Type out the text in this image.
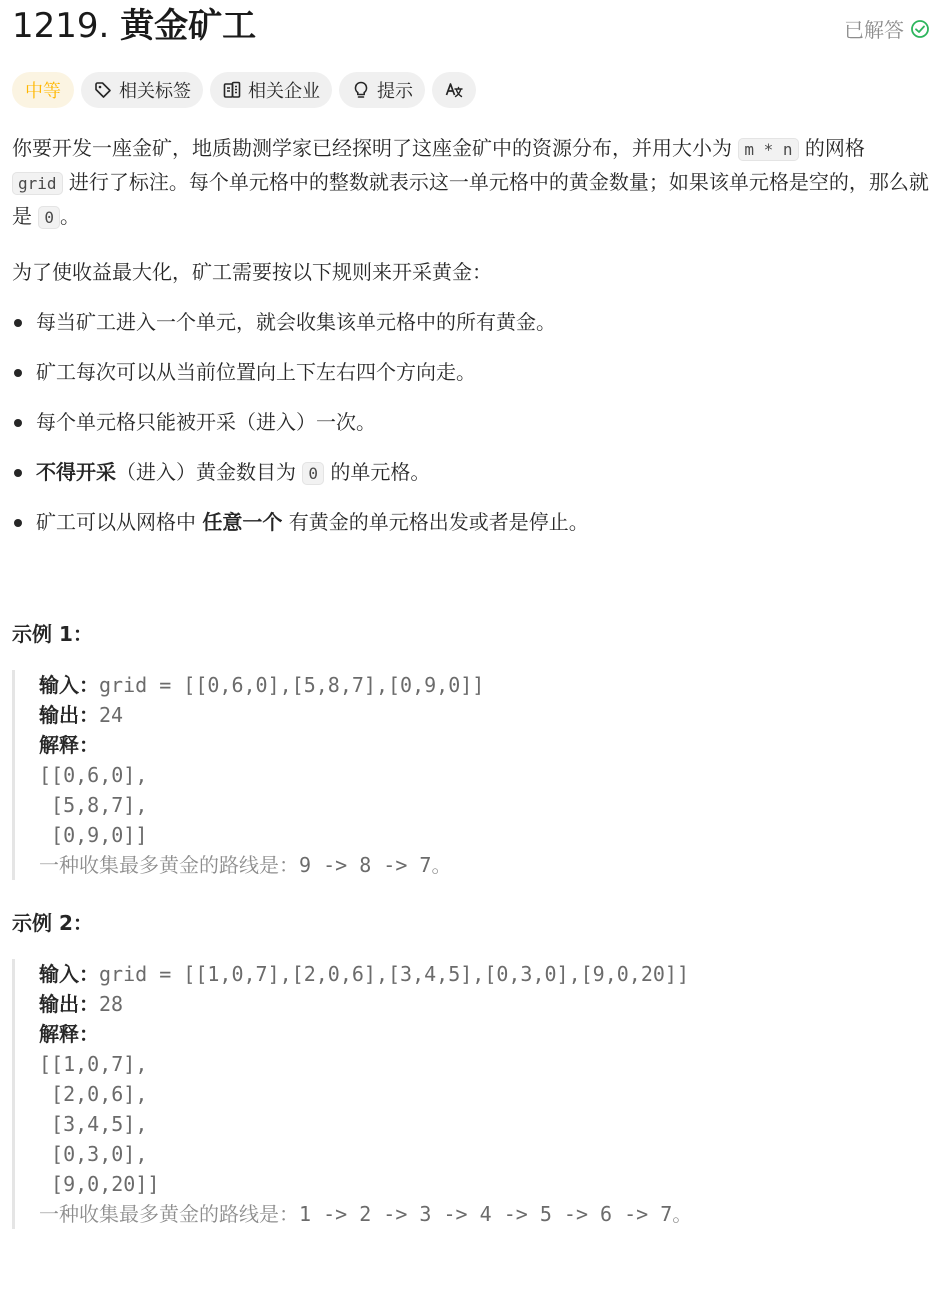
1219. 黄金矿工	已解答
中等	相关标签	相关企业	提示

你要开发一座金矿，地质勘测学家已经探明了这座金矿中的资源分布，并用大小为 m * n 的网格
grid 进行了标注。每个单元格中的整数就表示这一单元格中的黄金数量；如果该单元格是空的，那么就是 0 。

为了使收益最大化，矿工需要按以下规则来开采黄金：

每当矿工进入一个单元，就会收集该单元格中的所有黄金。
矿工每次可以从当前位置向上下左右四个方向走。
每个单元格只能被开采（进入）一次。
不得开采（进入）黄金数目为 0 的单元格。
矿工可以从网格中 任意一个 有黄金的单元格出发或者是停止。
示例 1：
输入：grid = [[0,6,0],[5,8,7],[0,9,0]]
输出：24
解释：
[[0,6,0],
[5,8,7],
[0,9,0]]
一种收集最多黄金的路线是：9 -> 8 -> 7。
示例 2：
输入：grid = [[1,0,7],[2,0,6],[3,4,5],[0,3,0],[9,0,20]]
输出：28
解释：
[[1,0,7],
[2,0,6],
[3,4,5],
[0,3,0],
[9,0,20]]
一种收集最多黄金的路线是：1 -> 2 -> 3 -> 4 -> 5 -> 6 -> 7。
